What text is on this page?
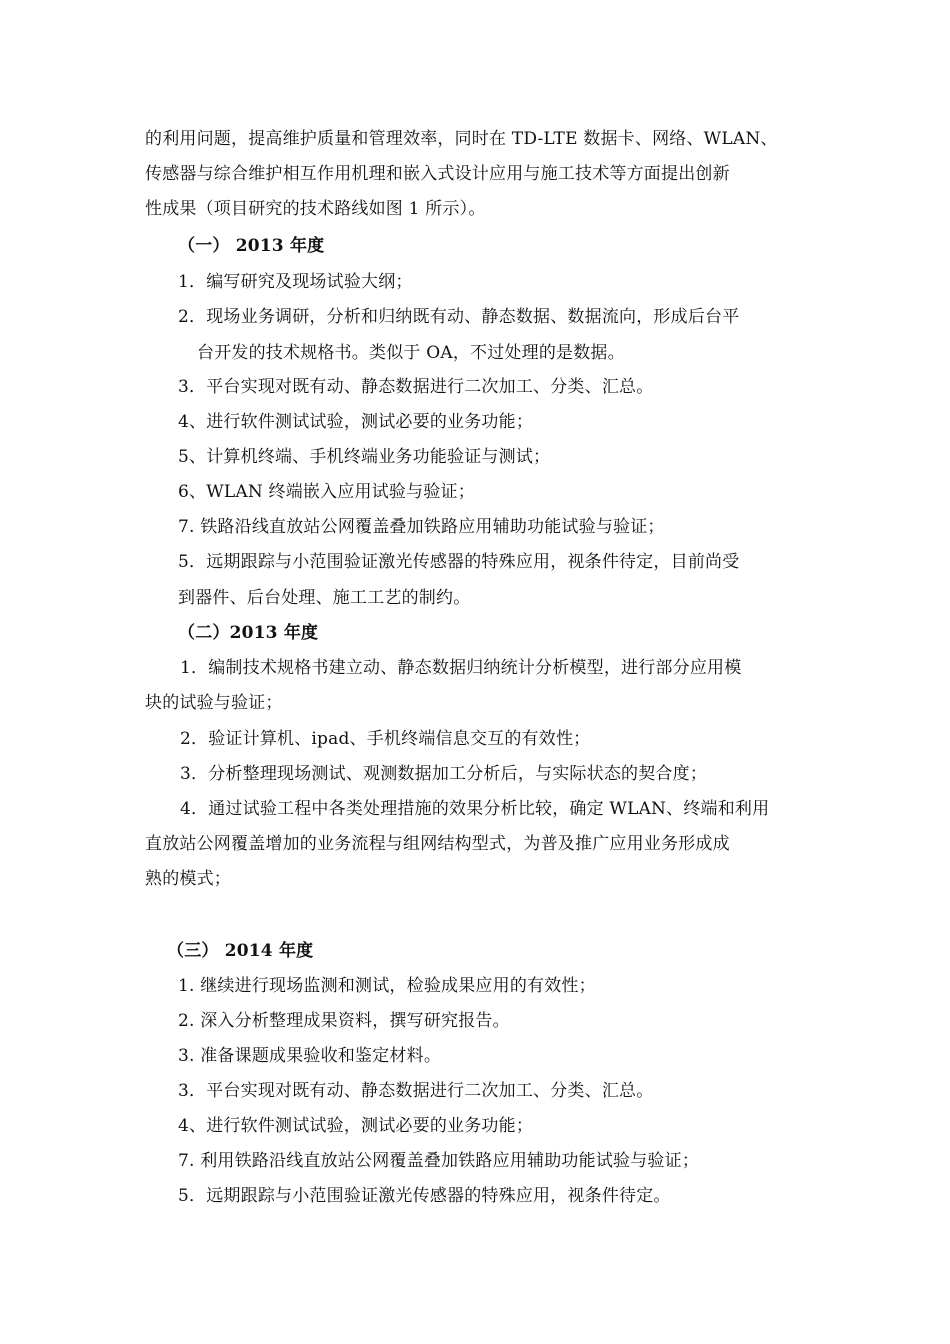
的利用问题，提高维护质量和管理效率，同时在 TD-LTE 数据卡、网络、WLAN、
传感器与综合维护相互作用机理和嵌入式设计应用与施工技术等方面提出创新
性成果（项目研究的技术路线如图 1 所示）。
（一） 2013 年度
1．编写研究及现场试验大纲；
2．现场业务调研，分析和归纳既有动、静态数据、数据流向，形成后台平
台开发的技术规格书。类似于 OA，不过处理的是数据。
3．平台实现对既有动、静态数据进行二次加工、分类、汇总。
4、进行软件测试试验，测试必要的业务功能；
5、计算机终端、手机终端业务功能验证与测试；
6、WLAN 终端嵌入应用试验与验证；
7. 铁路沿线直放站公网覆盖叠加铁路应用辅助功能试验与验证；
5．远期跟踪与小范围验证激光传感器的特殊应用，视条件待定，目前尚受
到器件、后台处理、施工工艺的制约。
（二）2013 年度
1．编制技术规格书建立动、静态数据归纳统计分析模型，进行部分应用模
块的试验与验证；
2．验证计算机、ipad、手机终端信息交互的有效性；
3．分析整理现场测试、观测数据加工分析后，与实际状态的契合度；
4．通过试验工程中各类处理措施的效果分析比较，确定 WLAN、终端和利用
直放站公网覆盖增加的业务流程与组网结构型式，为普及推广应用业务形成成
熟的模式；
（三） 2014 年度
1. 继续进行现场监测和测试，检验成果应用的有效性；
2. 深入分析整理成果资料，撰写研究报告。
3. 准备课题成果验收和鉴定材料。
3．平台实现对既有动、静态数据进行二次加工、分类、汇总。
4、进行软件测试试验，测试必要的业务功能；
7. 利用铁路沿线直放站公网覆盖叠加铁路应用辅助功能试验与验证；
5．远期跟踪与小范围验证激光传感器的特殊应用，视条件待定。
